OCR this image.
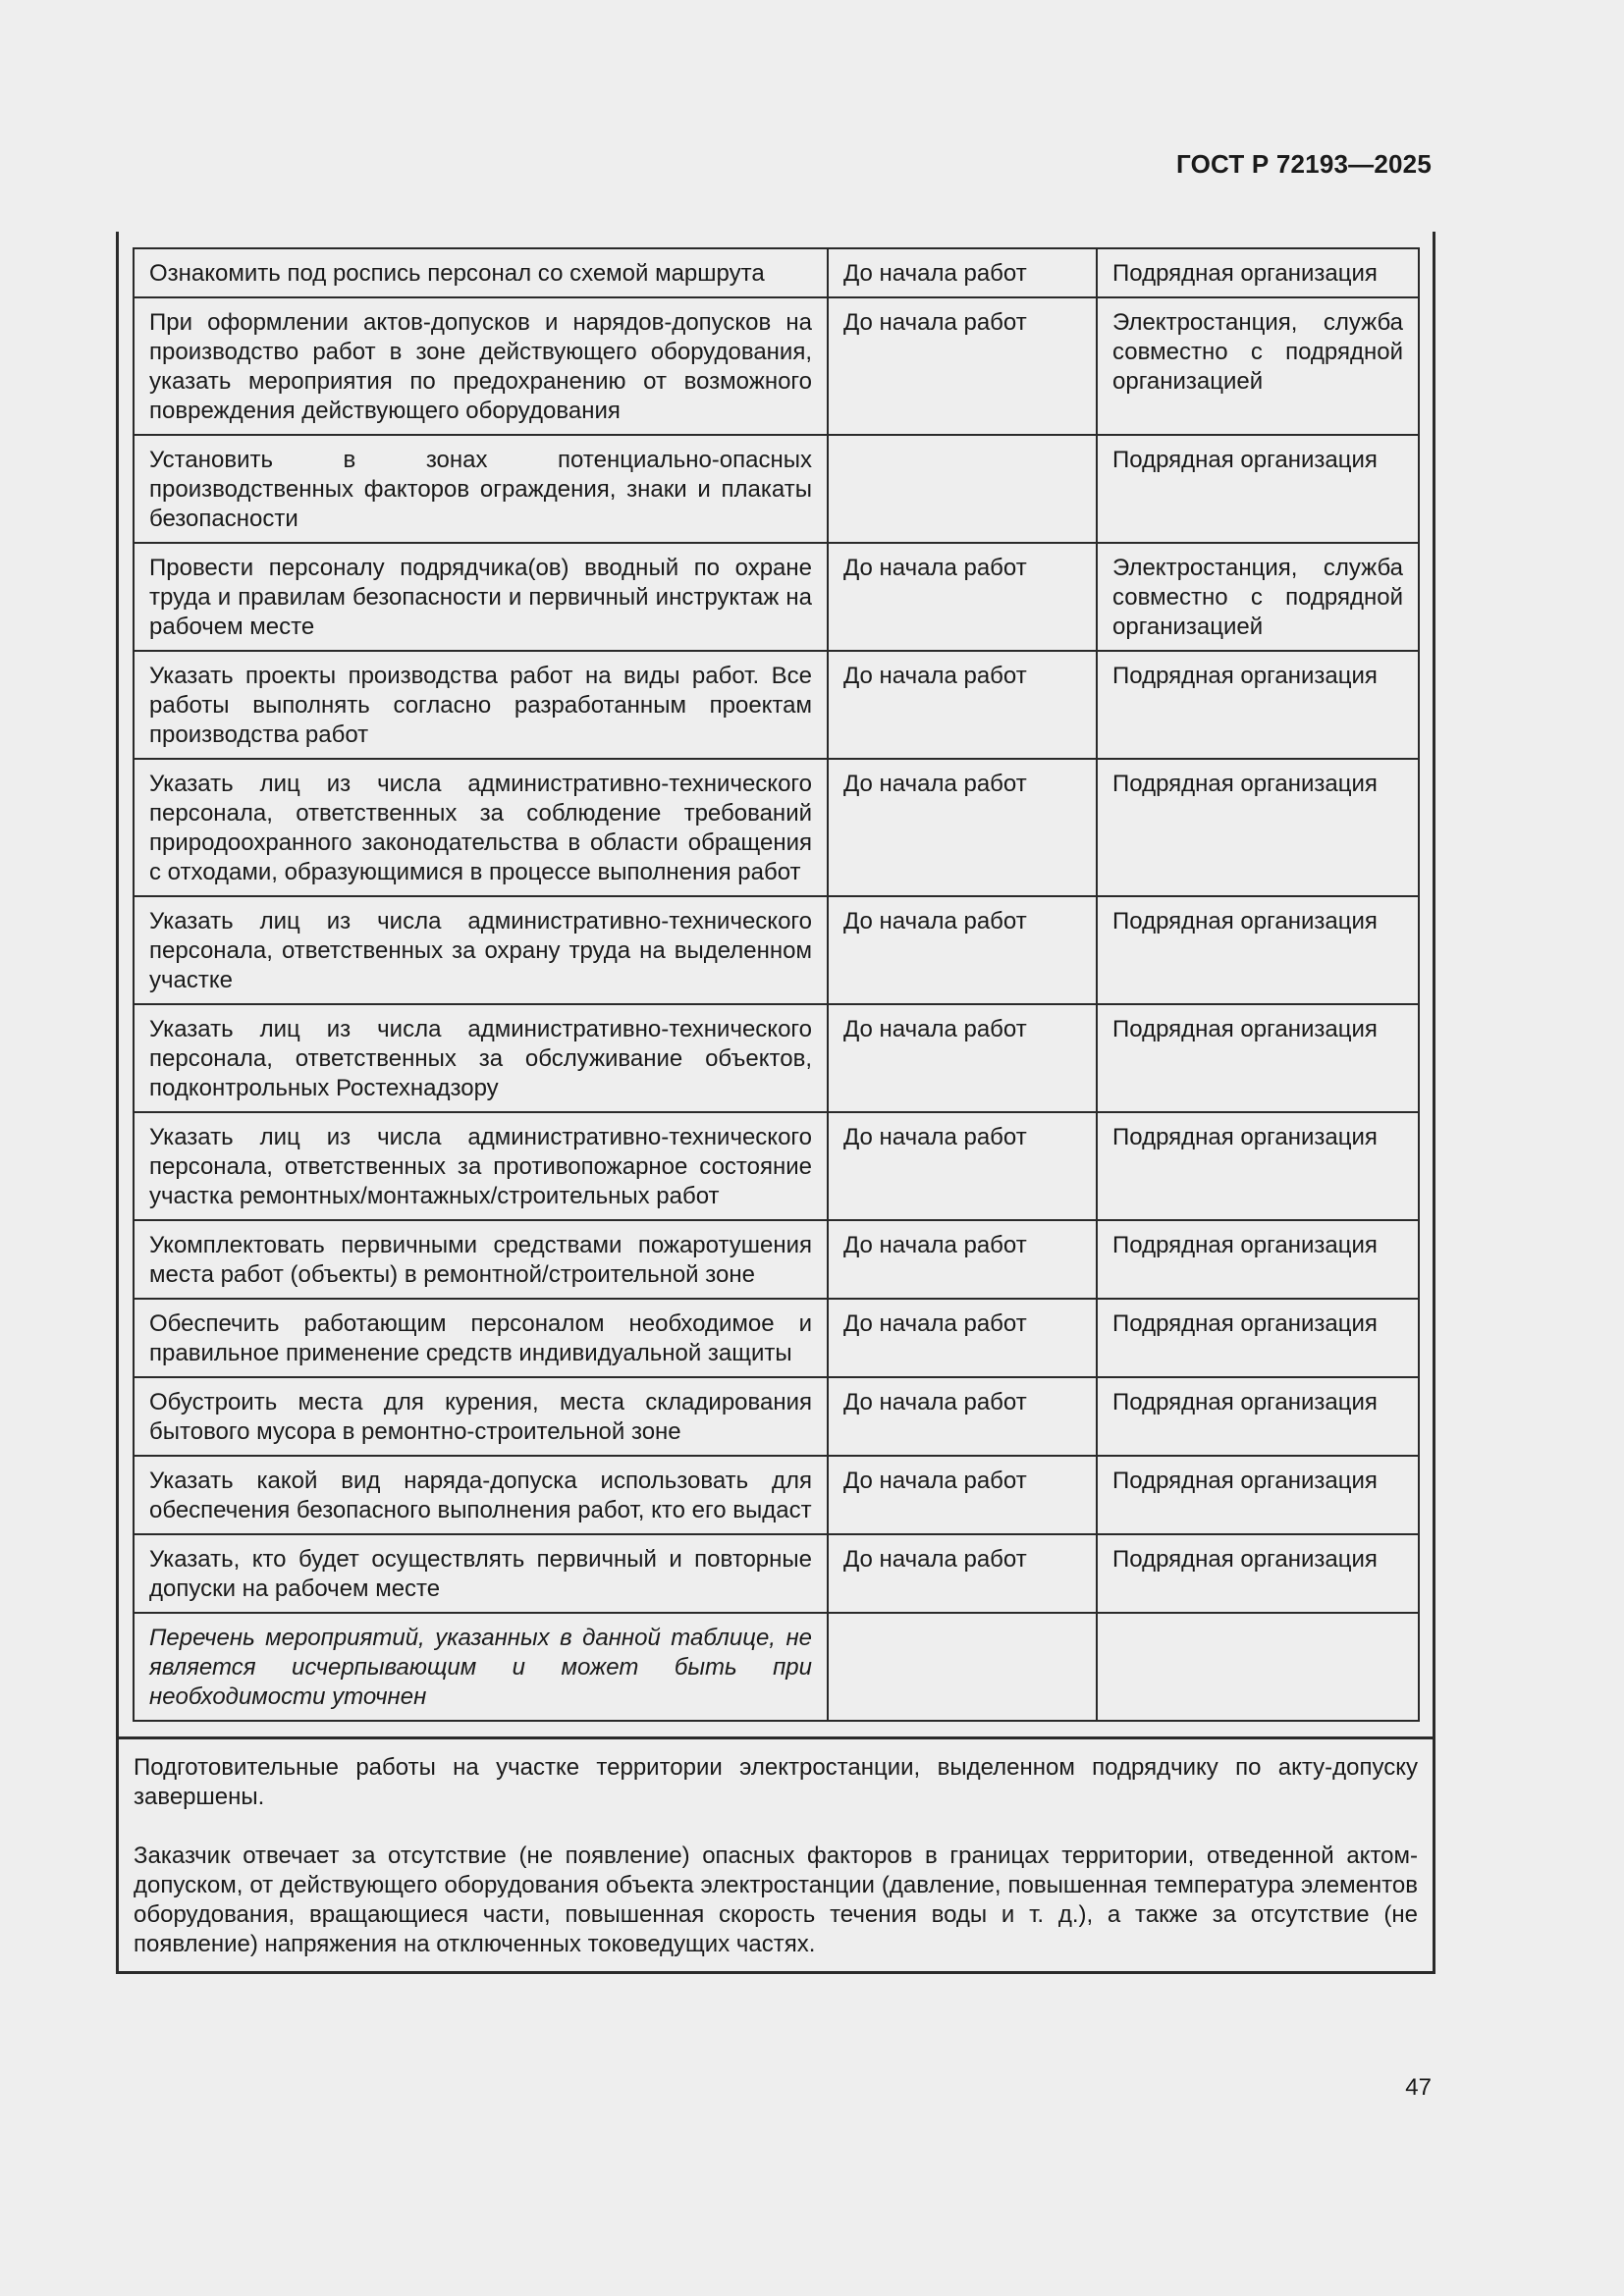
ГОСТ Р 72193—2025
Ознакомить под роспись персонал со схемой маршрута	До начала работ	Подрядная организация
При оформлении актов-допусков и нарядов-допусков на производство работ в зоне действующего оборудования, указать мероприятия по предохранению от возможного повреждения действующего оборудования	До начала работ	Электростанция, служба совместно с подрядной организацией
Установить в зонах потенциально-опасных производственных факторов ограждения, знаки и плакаты безопасности		Подрядная организация
Провести персоналу подрядчика(ов) вводный по охране труда и правилам безопасности и первичный инструктаж на рабочем месте	До начала работ	Электростанция, служба совместно с подрядной организацией
Указать проекты производства работ на виды работ. Все работы выполнять согласно разработанным проектам производства работ	До начала работ	Подрядная организация
Указать лиц из числа административно-технического персонала, ответственных за соблюдение требований природоохранного законодательства в области обращения с отходами, образующимися в процессе выполнения работ	До начала работ	Подрядная организация
Указать лиц из числа административно-технического персонала, ответственных за охрану труда на выделенном участке	До начала работ	Подрядная организация
Указать лиц из числа административно-технического персонала, ответственных за обслуживание объектов, подконтрольных Ростехнадзору	До начала работ	Подрядная организация
Указать лиц из числа административно-технического персонала, ответственных за противопожарное состояние участка ремонтных/монтажных/строительных работ	До начала работ	Подрядная организация
Укомплектовать первичными средствами пожаротушения места работ (объекты) в ремонтной/строительной зоне	До начала работ	Подрядная организация
Обеспечить работающим персоналом необходимое и правильное применение средств индивидуальной защиты	До начала работ	Подрядная организация
Обустроить места для курения, места складирования бытового мусора в ремонтно-строительной зоне	До начала работ	Подрядная организация
Указать какой вид наряда-допуска использовать для обеспечения безопасного выполнения работ, кто его выдаст	До начала работ	Подрядная организация
Указать, кто будет осуществлять первичный и повторные допуски на рабочем месте	До начала работ	Подрядная организация
Перечень мероприятий, указанных в данной таблице, не является исчерпывающим и может быть при необходимости уточнен		

Подготовительные работы на участке территории электростанции, выделенном подрядчику по акту-допуску завершены.

Заказчик отвечает за отсутствие (не появление) опасных факторов в границах территории, отведенной актом-допуском, от действующего оборудования объекта электростанции (давление, повышенная температура элементов оборудования, вращающиеся части, повышенная скорость течения воды и т. д.), а также за отсутствие (не появление) напряжения на отключенных токоведущих частях.

47
